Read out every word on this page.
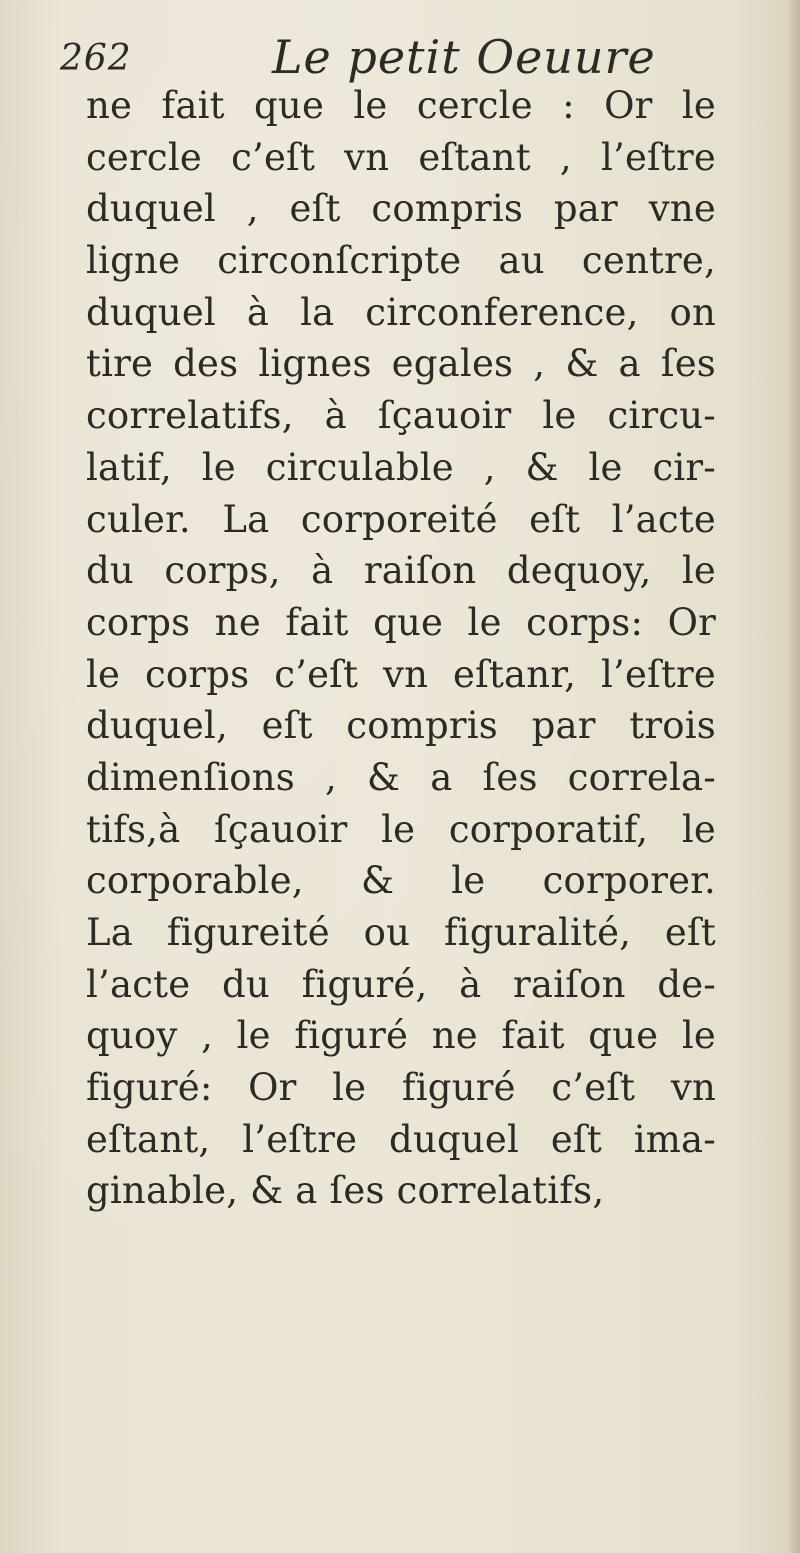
262	Le petit Oeuure
ne fait que le cercle : Or le
cercle c’eſt vn eſtant , l’eſtre
duquel , eſt compris par vne
ligne circonſcripte au centre,
duquel à la circonference, on
tire des lignes egales , & a ſes
correlatifs, à ſçauoir le circu-
latif, le circulable , & le cir-
culer. La corporeité eſt l’acte
du corps, à raiſon dequoy, le
corps ne fait que le corps: Or
le corps c’eſt vn eſtanr, l’eſtre
duquel, eſt compris par trois
dimenſions , & a ſes correla-
tifs,à ſçauoir le corporatif, le
corporable, & le corporer.
La figureité ou figuralité, eſt
l’acte du figuré, à raiſon de-
quoy , le figuré ne fait que le
figuré: Or le figuré c’eſt vn
eſtant, l’eſtre duquel eſt ima-
ginable, & a ſes correlatifs,
